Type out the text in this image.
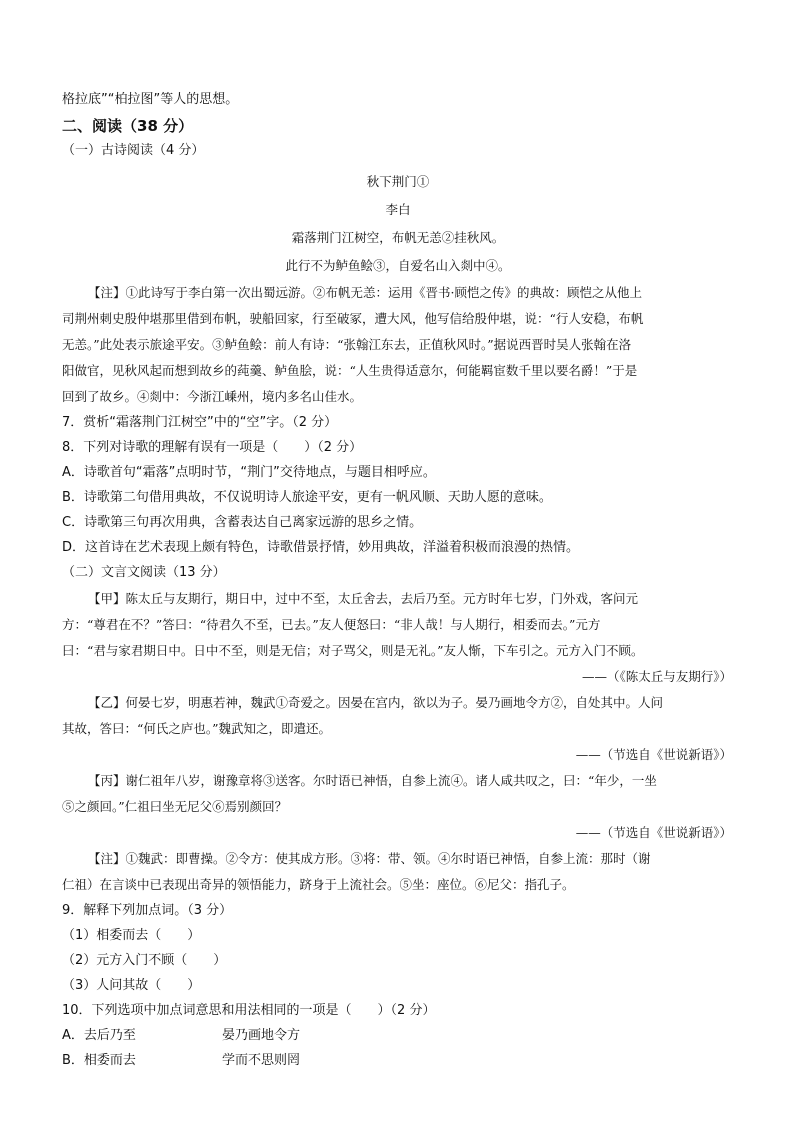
格拉底”“柏拉图”等人的思想。

二、阅读（38 分）

（一）古诗阅读（4 分）

秋下荆门①

李白

霜落荆门江树空，布帆无恙②挂秋风。

此行不为鲈鱼鲙③，自爱名山入剡中④。

【注】①此诗写于李白第一次出蜀远游。②布帆无恙：运用《晋书·顾恺之传》的典故：顾恺之从他上

司荆州刺史殷仲堪那里借到布帆，驶船回家，行至破冢，遭大风，他写信给殷仲堪，说：“行人安稳，布帆

无恙。”此处表示旅途平安。③鲈鱼鲙：前人有诗：“张翰江东去，正值秋风时。”据说西晋时吴人张翰在洛

阳做官，见秋风起而想到故乡的莼羹、鲈鱼脍，说：“人生贵得适意尔，何能羁宦数千里以要名爵！”于是

回到了故乡。④剡中：今浙江嵊州，境内多名山佳水。

7．赏析“霜落荆门江树空”中的“空”字。（2 分）

8．下列对诗歌的理解有误有一项是（　　）（2 分）

A．诗歌首句“霜落”点明时节，“荆门”交待地点，与题目相呼应。

B．诗歌第二句借用典故，不仅说明诗人旅途平安，更有一帆风顺、天助人愿的意味。

C．诗歌第三句再次用典，含蓄表达自己离家远游的思乡之情。

D．这首诗在艺术表现上颇有特色，诗歌借景抒情，妙用典故，洋溢着积极而浪漫的热情。

（二）文言文阅读（13 分）

【甲】陈太丘与友期行，期日中，过中不至，太丘舍去，去后乃至。元方时年七岁，门外戏，客问元

方：“尊君在不？”答曰：“待君久不至，已去。”友人便怒曰：“非人哉！与人期行，相委而去。”元方

曰：“君与家君期日中。日中不至，则是无信；对子骂父，则是无礼。”友人惭，下车引之。元方入门不顾。

——（《陈太丘与友期行》）

【乙】何晏七岁，明惠若神，魏武①奇爱之。因晏在宫内，欲以为子。晏乃画地令方②，自处其中。人问

其故，答曰：“何氏之庐也。”魏武知之，即遣还。

——（节选自《世说新语》）

【丙】谢仁祖年八岁，谢豫章将③送客。尔时语已神悟，自参上流④。诸人咸共叹之，曰：“年少，一坐

⑤之颜回。”仁祖曰坐无尼父⑥焉别颜回？

——（节选自《世说新语》）

【注】①魏武：即曹操。②令方：使其成方形。③将：带、领。④尔时语已神悟，自参上流：那时（谢

仁祖）在言谈中已表现出奇异的领悟能力，跻身于上流社会。⑤坐：座位。⑥尼父：指孔子。

9．解释下列加点词。（3 分）

（1）相委而去（　　）

（2）元方入门不顾（　　）

（3）人问其故（　　）

10．下列选项中加点词意思和用法相同的一项是（　　）（2 分）

A．去后乃至	晏乃画地令方
B．相委而去	学而不思则罔
